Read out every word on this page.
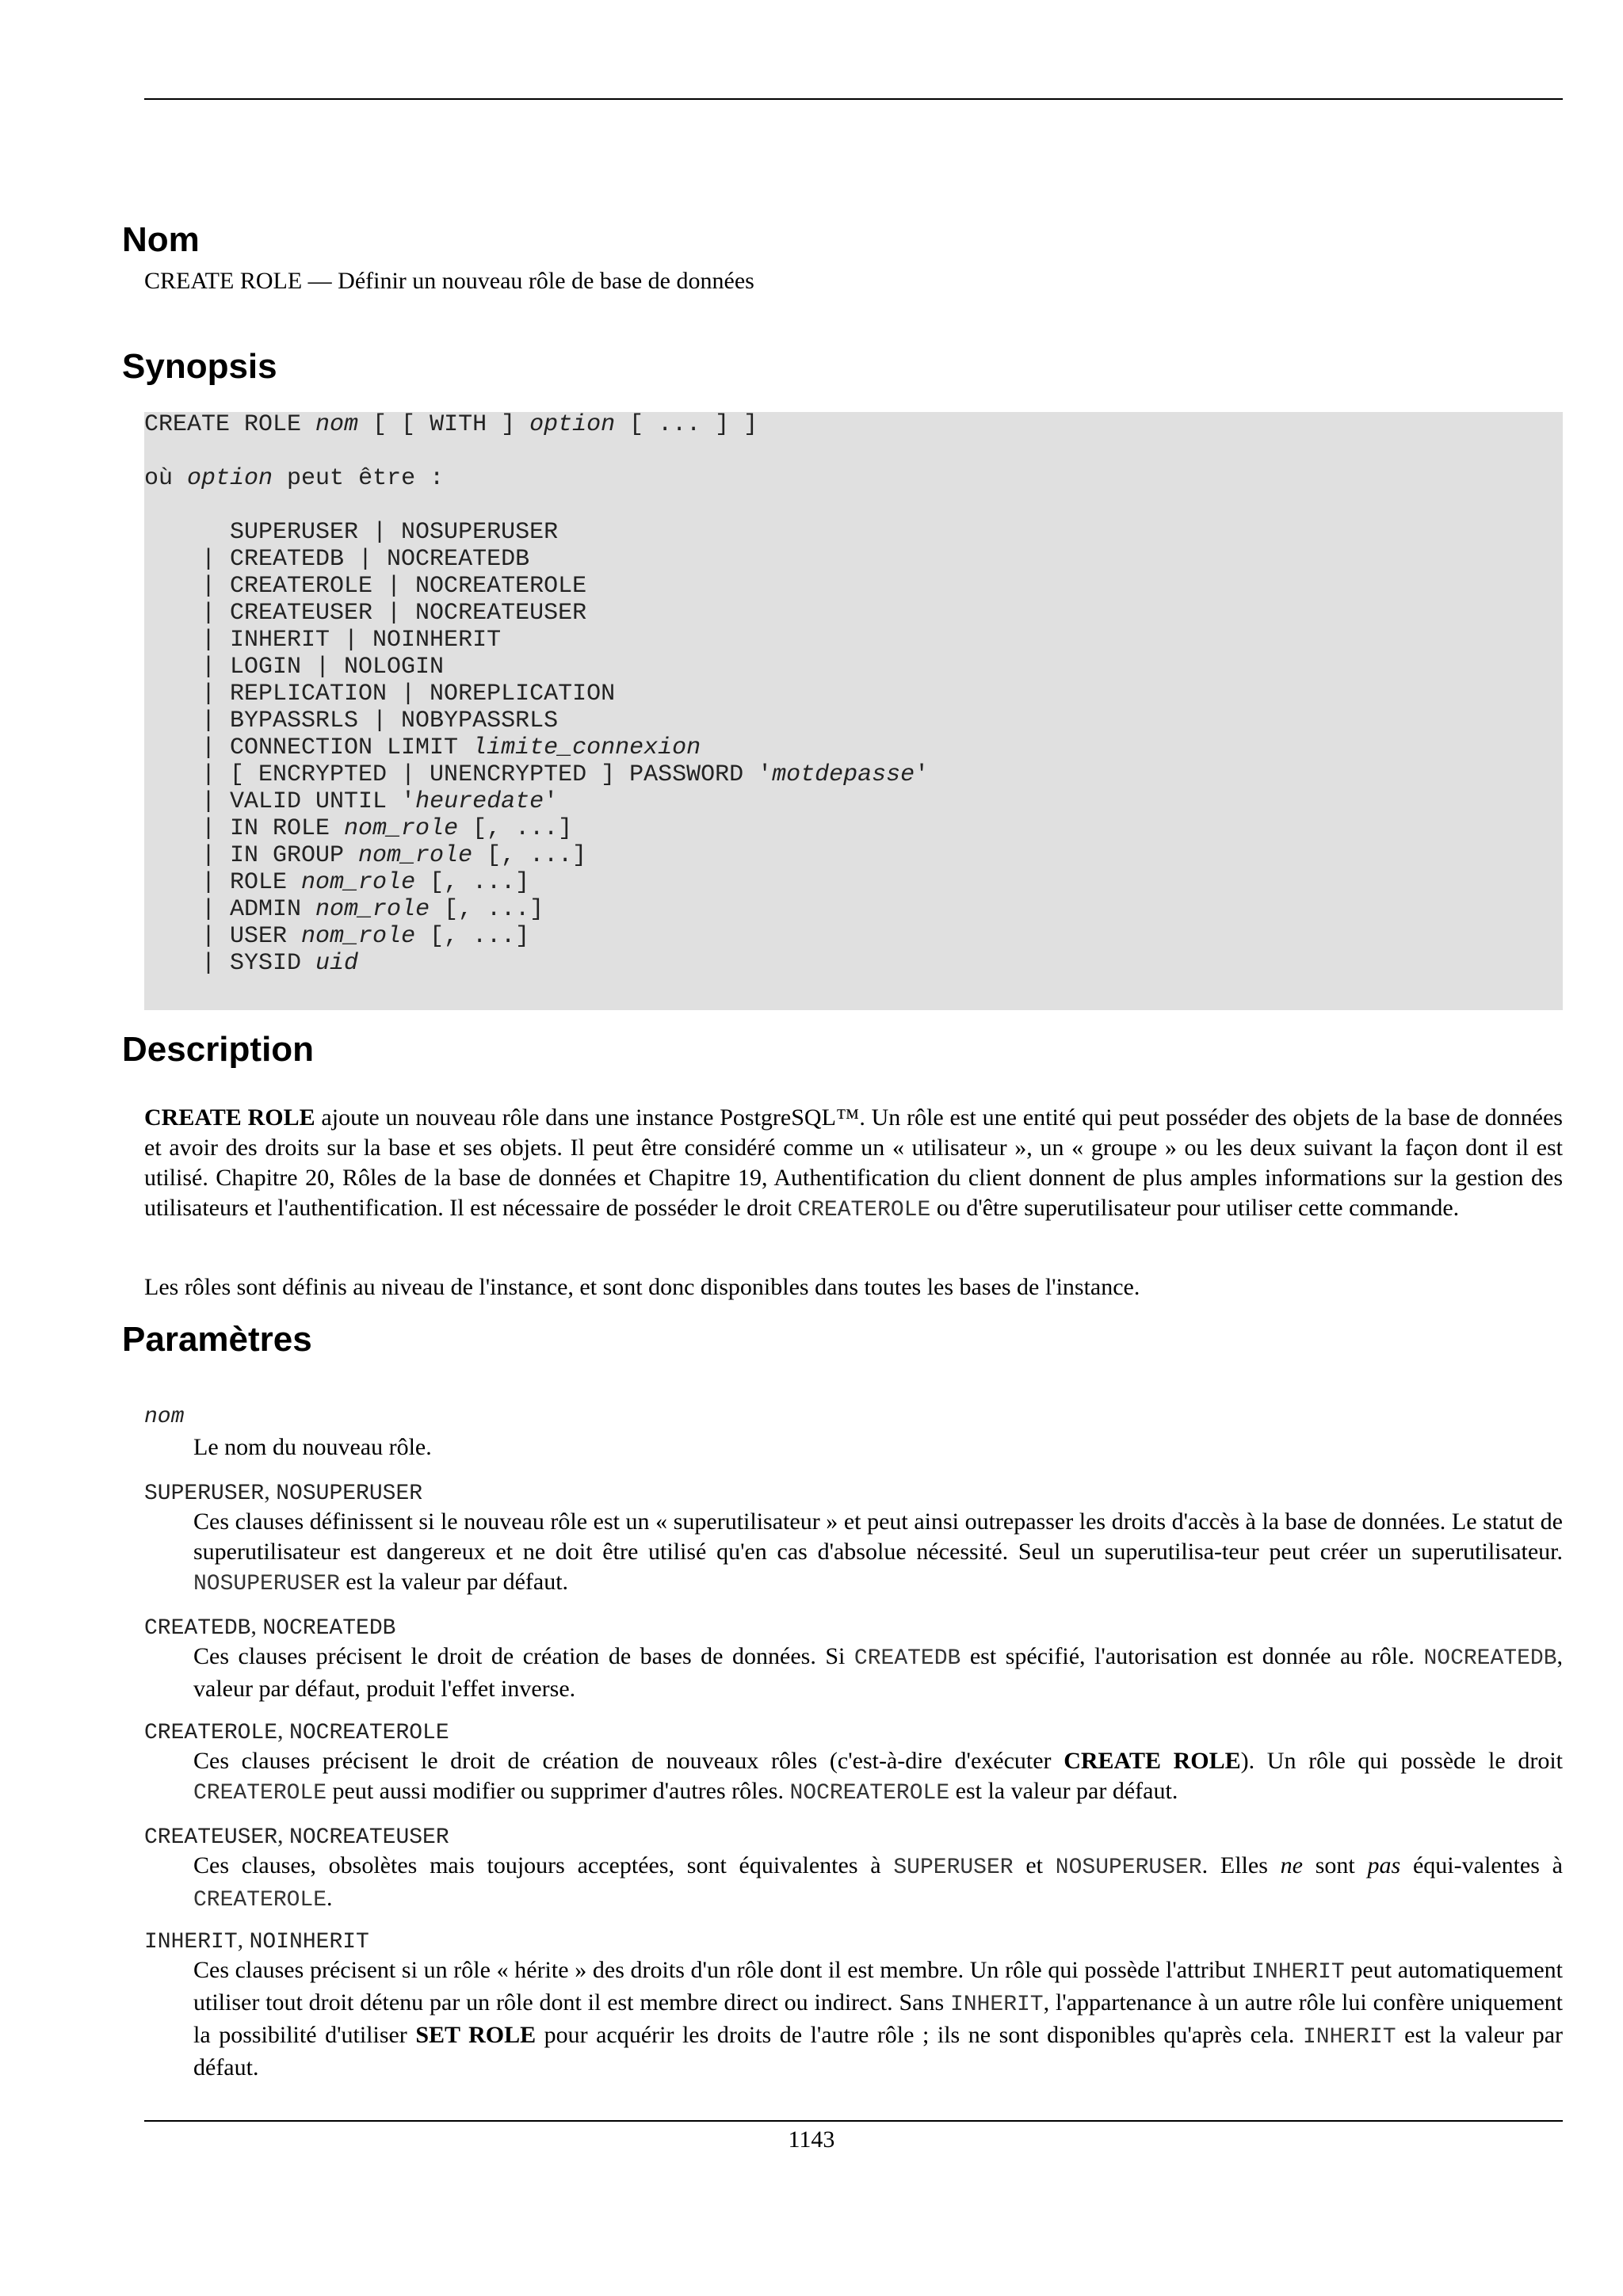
Nom
CREATE ROLE — Définir un nouveau rôle de base de données
Synopsis
CREATE ROLE nom [ [ WITH ] option [ ... ] ]
où option peut être :
SUPERUSER | NOSUPERUSER
| CREATEDB | NOCREATEDB
| CREATEROLE | NOCREATEROLE
| CREATEUSER | NOCREATEUSER
| INHERIT | NOINHERIT
| LOGIN | NOLOGIN
| REPLICATION | NOREPLICATION
| BYPASSRLS | NOBYPASSRLS
| CONNECTION LIMIT limite_connexion
| [ ENCRYPTED | UNENCRYPTED ] PASSWORD 'motdepasse'
| VALID UNTIL 'heuredate'
| IN ROLE nom_role [, ...]
| IN GROUP nom_role [, ...]
| ROLE nom_role [, ...]
| ADMIN nom_role [, ...]
| USER nom_role [, ...]
| SYSID uid
Description
CREATE ROLE ajoute un nouveau rôle dans une instance PostgreSQL™. Un rôle est une entité qui peut posséder des objets de la base de données et avoir des droits sur la base et ses objets. Il peut être considéré comme un « utilisateur », un « groupe » ou les deux suivant la façon dont il est utilisé. Chapitre 20, Rôles de la base de données et Chapitre 19, Authentification du client donnent de plus amples informations sur la gestion des utilisateurs et l'authentification. Il est nécessaire de posséder le droit CREATEROLE ou d'être superutilisateur pour utiliser cette commande.
Les rôles sont définis au niveau de l'instance, et sont donc disponibles dans toutes les bases de l'instance.
Paramètres
nom
Le nom du nouveau rôle.
SUPERUSER, NOSUPERUSER
Ces clauses définissent si le nouveau rôle est un « superutilisateur » et peut ainsi outrepasser les droits d'accès à la base de données. Le statut de superutilisateur est dangereux et ne doit être utilisé qu'en cas d'absolue nécessité. Seul un superutilisa-teur peut créer un superutilisateur. NOSUPERUSER est la valeur par défaut.
CREATEDB, NOCREATEDB
Ces clauses précisent le droit de création de bases de données. Si CREATEDB est spécifié, l'autorisation est donnée au rôle. NOCREATEDB, valeur par défaut, produit l'effet inverse.
CREATEROLE, NOCREATEROLE
Ces clauses précisent le droit de création de nouveaux rôles (c'est-à-dire d'exécuter CREATE ROLE). Un rôle qui possède le droit CREATEROLE peut aussi modifier ou supprimer d'autres rôles. NOCREATEROLE est la valeur par défaut.
CREATEUSER, NOCREATEUSER
Ces clauses, obsolètes mais toujours acceptées, sont équivalentes à SUPERUSER et NOSUPERUSER. Elles ne sont pas équi-valentes à CREATEROLE.
INHERIT, NOINHERIT
Ces clauses précisent si un rôle « hérite » des droits d'un rôle dont il est membre. Un rôle qui possède l'attribut INHERIT peut automatiquement utiliser tout droit détenu par un rôle dont il est membre direct ou indirect. Sans INHERIT, l'appartenance à un autre rôle lui confère uniquement la possibilité d'utiliser SET ROLE pour acquérir les droits de l'autre rôle ; ils ne sont disponibles qu'après cela. INHERIT est la valeur par défaut.
1143
